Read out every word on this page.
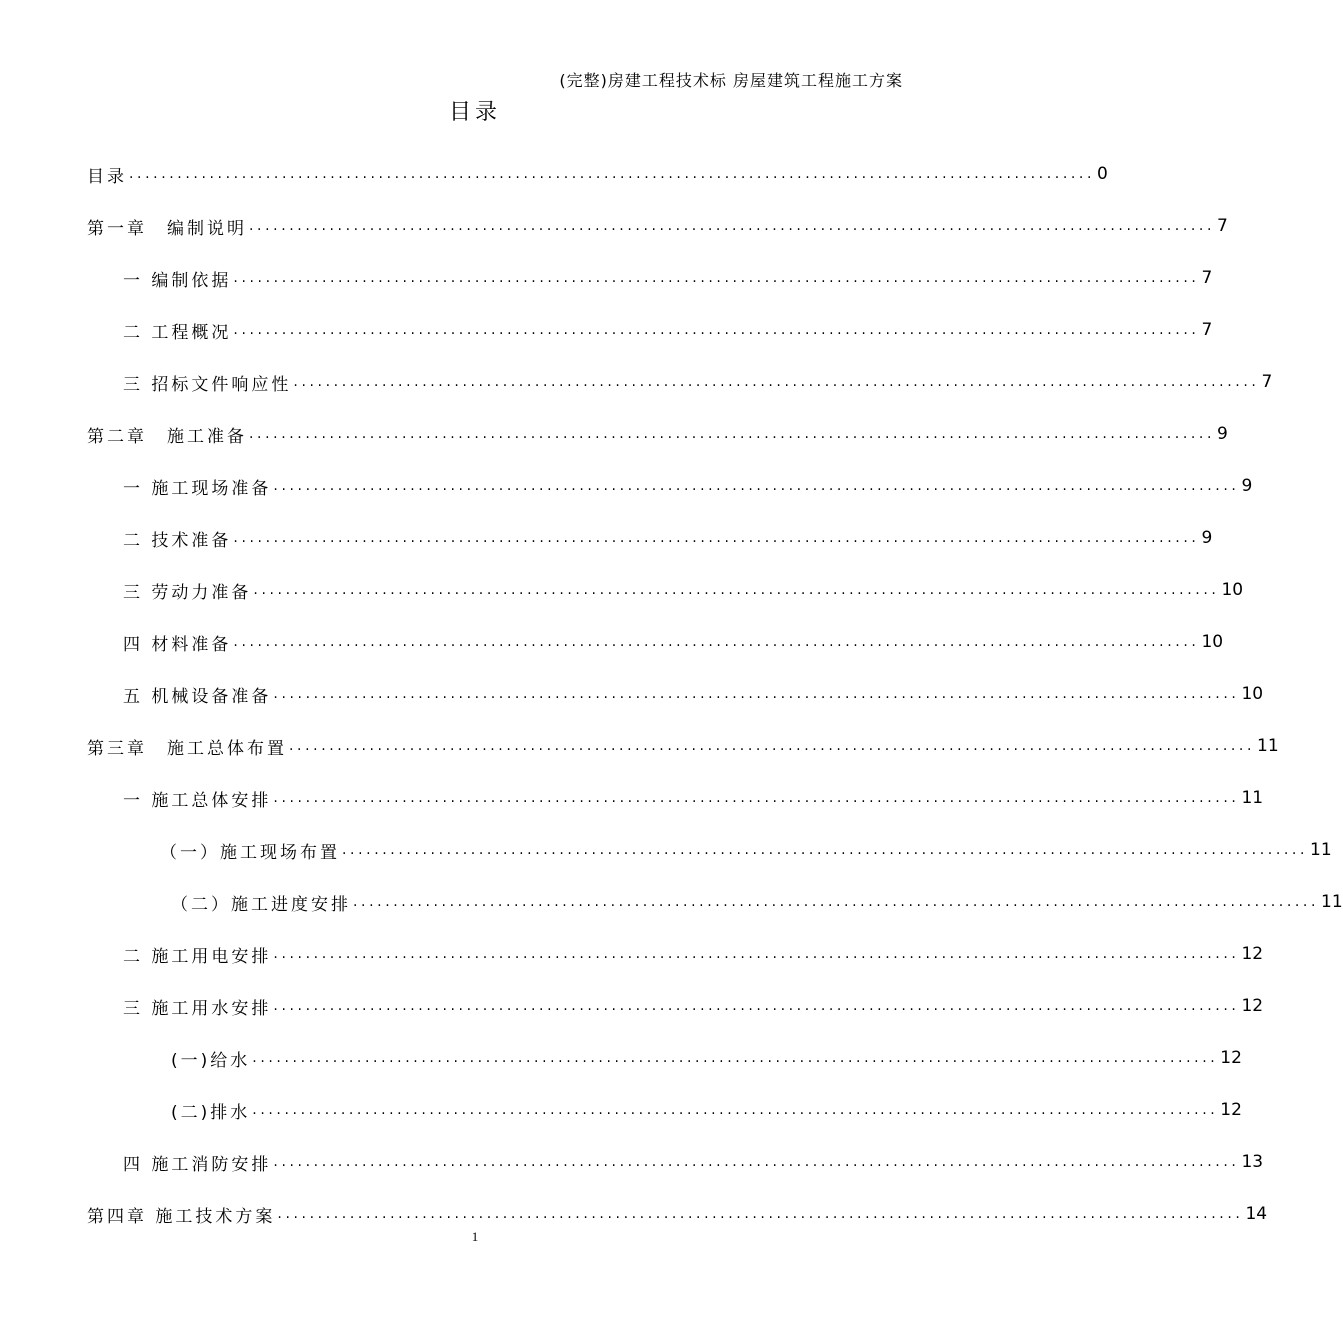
(完整)房建工程技术标 房屋建筑工程施工方案
目录
目录 ........................................................................................................................ 0
第一章　编制说明 ........................................................................................................................ 7
一 编制依据 ........................................................................................................................ 7
二 工程概况 ........................................................................................................................ 7
三 招标文件响应性 ........................................................................................................................ 7
第二章　施工准备 ........................................................................................................................ 9
一 施工现场准备 ........................................................................................................................ 9
二 技术准备 ........................................................................................................................ 9
三 劳动力准备 ........................................................................................................................ 10
四 材料准备 ........................................................................................................................ 10
五 机械设备准备 ........................................................................................................................ 10
第三章　施工总体布置 ........................................................................................................................ 11
一 施工总体安排 ........................................................................................................................ 11
（一）施工现场布置 ........................................................................................................................ 11
（二）施工进度安排 ........................................................................................................................ 11
二 施工用电安排 ........................................................................................................................ 12
三 施工用水安排 ........................................................................................................................ 12
(一)给水 ........................................................................................................................ 12
(二)排水 ........................................................................................................................ 12
四 施工消防安排 ........................................................................................................................ 13
第四章 施工技术方案 ........................................................................................................................ 14
1
